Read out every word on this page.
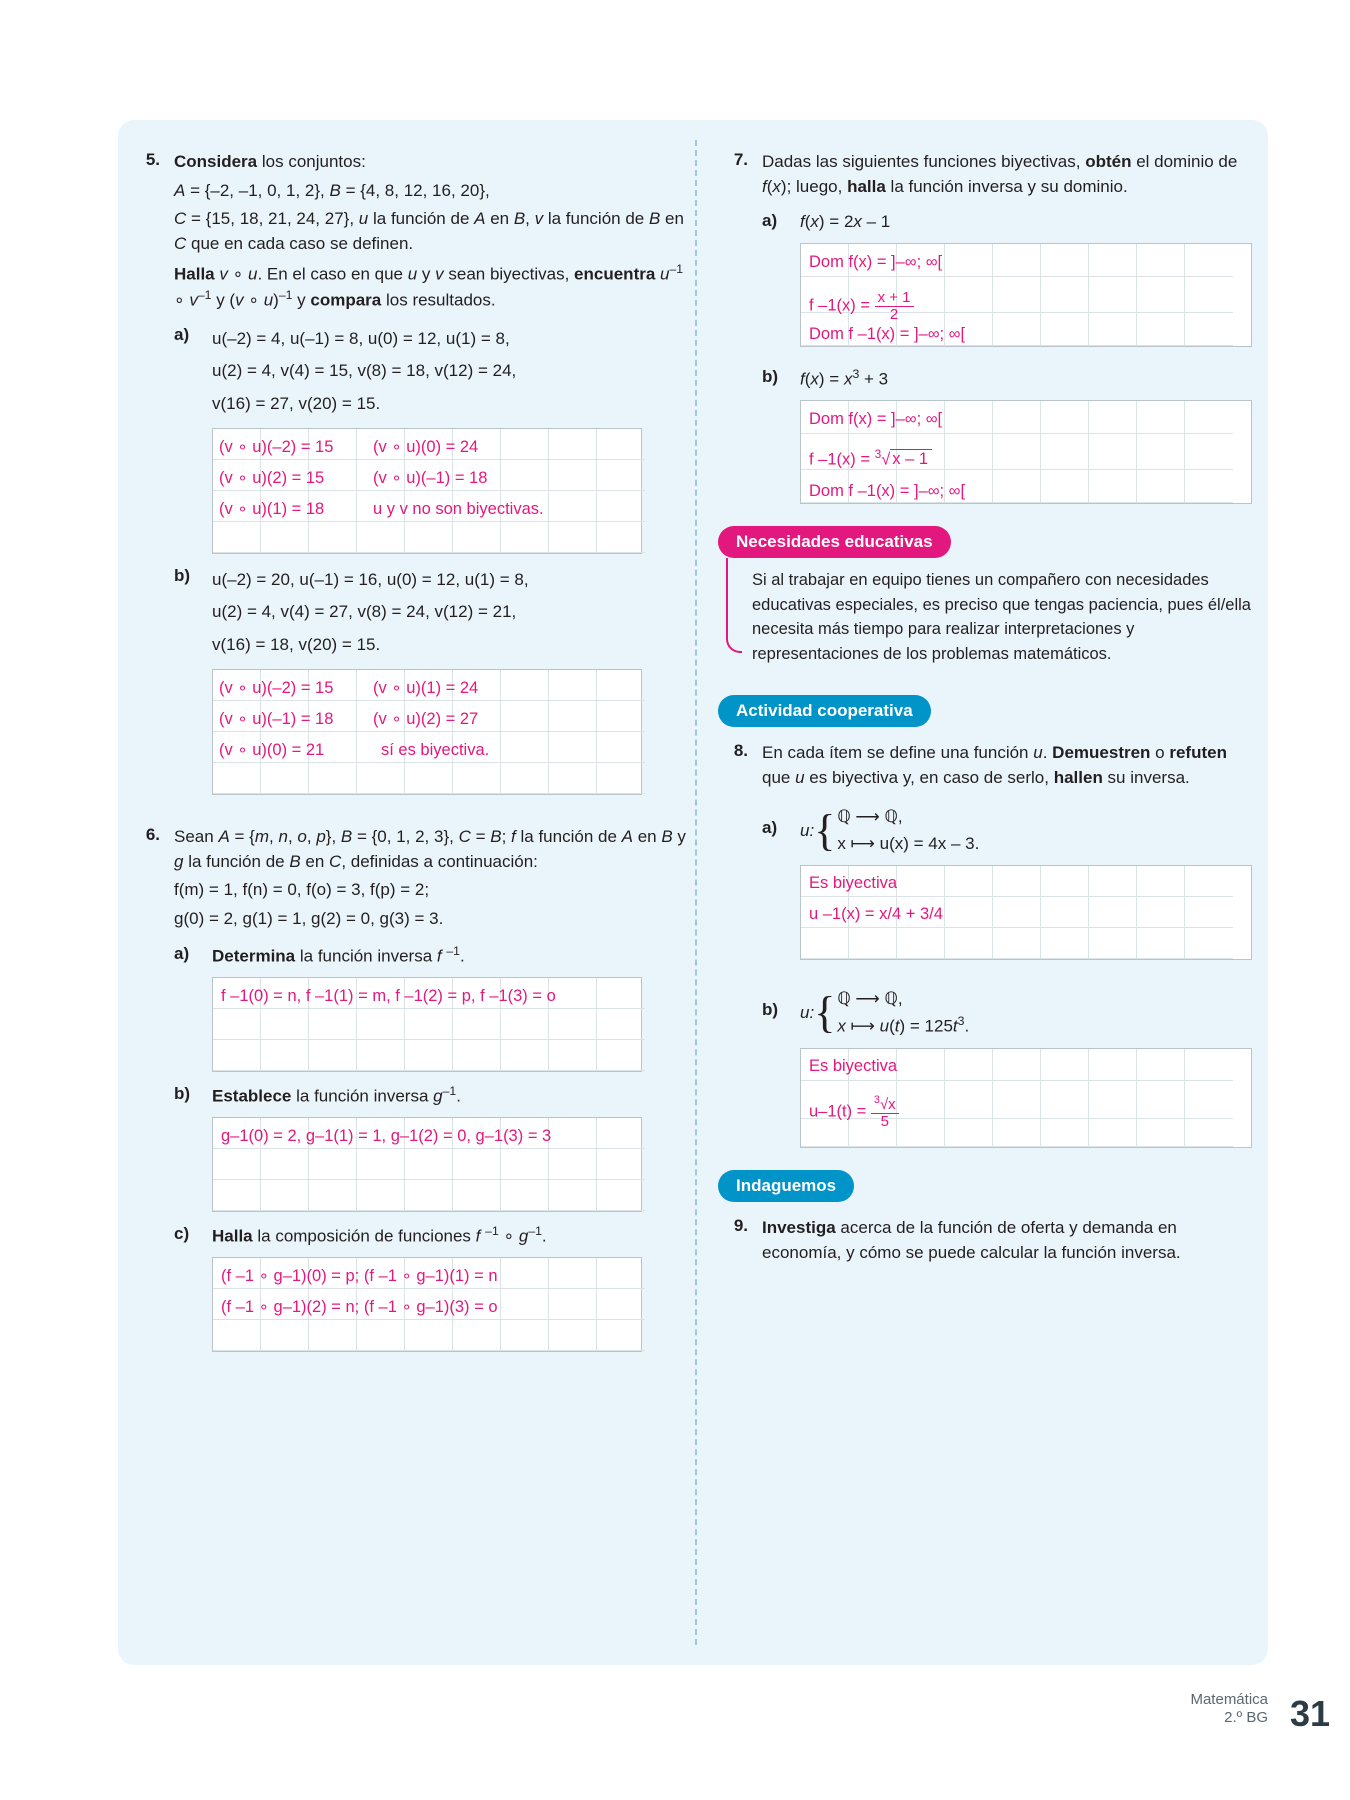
5. Considera los conjuntos:

A = {–2, –1, 0, 1, 2}, B = {4, 8, 12, 16, 20},

C = {15, 18, 21, 24, 27}, u la función de A en B, v la función de B en C que en cada caso se definen.

Halla v ∘ u. En el caso en que u y v sean biyectivas, encuentra $u^{-1}$ ∘ $v^{-1}$ y (v ∘ u)$^{-1}$ y compara los resultados.

a)	u(–2) = 4, u(–1) = 8, u(0) = 12, u(1) = 8,
u(2) = 4, v(4) = 15, v(8) = 18, v(12) = 24,
v(16) = 27, v(20) = 15.
(v ∘ u)(–2) = 15 (v ∘ u)(0) = 24
(v ∘ u)(2) = 15	(v ∘ u)(–1) = 18
(v ∘ u)(1) = 18	u y v no son biyectivas.
b)	u(–2) = 20, u(–1) = 16, u(0) = 12, u(1) = 8,
u(2) = 4, v(4) = 27, v(8) = 24, v(12) = 21,
v(16) = 18, v(20) = 15.
(v ∘ u)(–2) = 15 (v ∘ u)(1) = 24
(v ∘ u)(–1) = 18 (v ∘ u)(2) = 27
(v ∘ u)(0) = 21	sí es biyectiva.
6. Sean A = {m, n, o, p}, B = {0, 1, 2, 3}, C = B; f la función de A en B y g la función de B en C, definidas a continuación:

f(m) = 1, f(n) = 0, f(o) = 3, f(p) = 2;

g(0) = 2, g(1) = 1, g(2) = 0, g(3) = 3.

a)	Determina la función inversa f $^{-1}$.
f –1(0) = n, f –1(1) = m, f –1(2) = p, f –1(3) = o
b)	Establece la función inversa $g^{-1}$.
g–1(0) = 2, g–1(1) = 1, g–1(2) = 0, g–1(3) = 3
c)	Halla la composición de funciones f $^{-1}$ ∘ $g^{-1}$.
(f –1 ∘ g–1)(0) = p; (f –1 ∘ g–1)(1) = n
(f –1 ∘ g–1)(2) = n; (f –1 ∘ g–1)(3) = o
7. Dadas las siguientes funciones biyectivas, obtén el dominio de f(x); luego, halla la función inversa y su dominio.

a)	f(x) = 2x – 1
Dom f(x) = ]–∞; ∞[
f $-1(x) = \frac{x + 1}{2}$
Dom f –1(x) = ]–∞; ∞[
b)	$f(x) = x^3 + 3$
Dom f(x) = ]–∞; ∞[
f –1(x) = $^3$√ x – 1
Dom f –1(x) = ]–∞; ∞[
Necesidades educativas
Si al trabajar en equipo tienes un compañero con necesidades educativas especiales, es preciso que tengas paciencia, pues él/ella necesita más tiempo para realizar interpretaciones y representaciones de los problemas matemáticos.
Actividad cooperativa
8. En cada ítem se define una función u. Demuestren o refuten que u es biyectiva y, en caso de serlo, hallen su inversa.

a)	u: { ℚ ⟶ ℚ,
x ⟼ u(x) = 4x – 3.
Es biyectiva
u –1(x) = x/4 + 3/4
b)	u: { ℚ ⟶ ℚ,
x ⟼ $u(t) = 125t^3$.
Es biyectiva
$u-1(t) = \frac{^3√x}{5}$
Indaguemos
9. Investiga acerca de la función de oferta y demanda en economía, y cómo se puede calcular la función inversa.

Matemática
2.º BG 31
